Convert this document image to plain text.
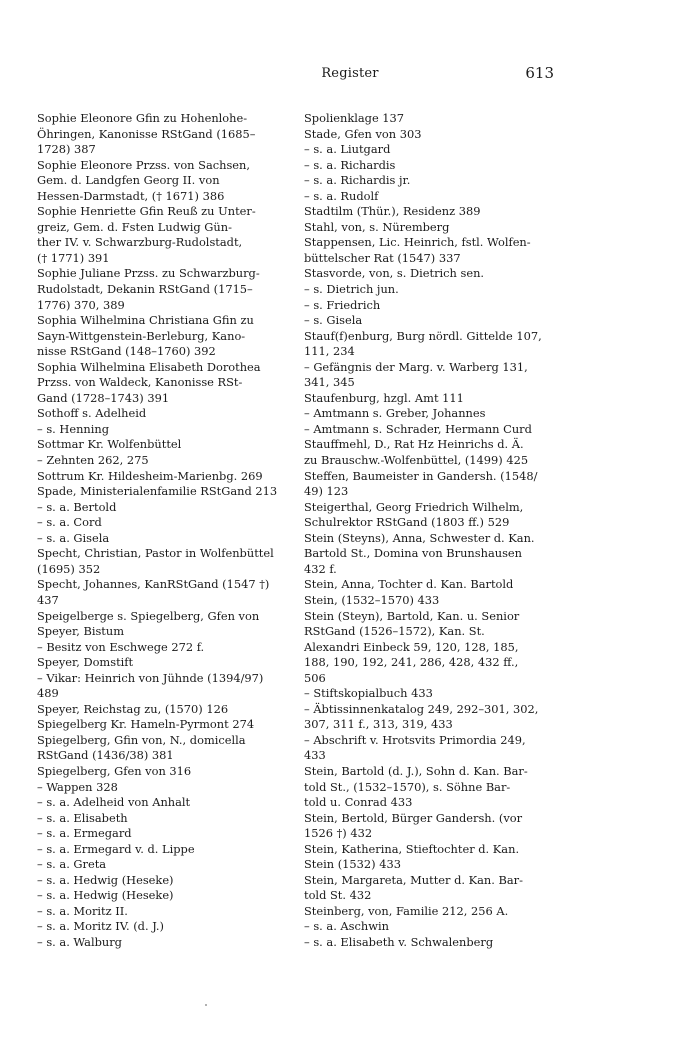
Register	613
Sophie Eleonore Gfin zu Hohenlohe-
Öhringen, Kanonisse RStGand (1685–
1728) 387
Sophie Eleonore Przss. von Sachsen,
Gem. d. Landgfen Georg II. von
Hessen-Darmstadt, († 1671) 386
Sophie Henriette Gfin Reuß zu Unter-
greiz, Gem. d. Fsten Ludwig Gün-
ther IV. v. Schwarzburg-Rudolstadt,
(† 1771) 391
Sophie Juliane Przss. zu Schwarzburg-
Rudolstadt, Dekanin RStGand (1715–
1776) 370, 389
Sophia Wilhelmina Christiana Gfin zu
Sayn-Wittgenstein-Berleburg, Kano-
nisse RStGand (148–1760) 392
Sophia Wilhelmina Elisabeth Dorothea
Przss. von Waldeck, Kanonisse RSt-
Gand (1728–1743) 391
Sothoff s. Adelheid
– s. Henning
Sottmar Kr. Wolfenbüttel
– Zehnten 262, 275
Sottrum Kr. Hildesheim-Marienbg. 269
Spade, Ministerialenfamilie RStGand 213
– s. a. Bertold
– s. a. Cord
– s. a. Gisela
Specht, Christian, Pastor in Wolfenbüttel
(1695) 352
Specht, Johannes, KanRStGand (1547 †)
437
Speigelberge s. Spiegelberg, Gfen von
Speyer, Bistum
– Besitz von Eschwege 272 f.
Speyer, Domstift
– Vikar: Heinrich von Jühnde (1394/97)
489
Speyer, Reichstag zu, (1570) 126
Spiegelberg Kr. Hameln-Pyrmont 274
Spiegelberg, Gfin von, N., domicella
RStGand (1436/38) 381
Spiegelberg, Gfen von 316
– Wappen 328
– s. a. Adelheid von Anhalt
– s. a. Elisabeth
– s. a. Ermegard
– s. a. Ermegard v. d. Lippe
– s. a. Greta
– s. a. Hedwig (Heseke)
– s. a. Hedwig (Heseke)
– s. a. Moritz II.
– s. a. Moritz IV. (d. J.)
– s. a. Walburg
Spolienklage 137
Stade, Gfen von 303
– s. a. Liutgard
– s. a. Richardis
– s. a. Richardis jr.
– s. a. Rudolf
Stadtilm (Thür.), Residenz 389
Stahl, von, s. Nüremberg
Stappensen, Lic. Heinrich, fstl. Wolfen-
büttelscher Rat (1547) 337
Stasvorde, von, s. Dietrich sen.
– s. Dietrich jun.
– s. Friedrich
– s. Gisela
Stauf(f)enburg, Burg nördl. Gittelde 107,
111, 234
– Gefängnis der Marg. v. Warberg 131,
341, 345
Staufenburg, hzgl. Amt 111
– Amtmann s. Greber, Johannes
– Amtmann s. Schrader, Hermann Curd
Stauffmehl, D., Rat Hz Heinrichs d. Ä.
zu Brauschw.-Wolfenbüttel, (1499) 425
Steffen, Baumeister in Gandersh. (1548/
49) 123
Steigerthal, Georg Friedrich Wilhelm,
Schulrektor RStGand (1803 ff.) 529
Stein (Steyns), Anna, Schwester d. Kan.
Bartold St., Domina von Brunshausen
432 f.
Stein, Anna, Tochter d. Kan. Bartold
Stein, (1532–1570) 433
Stein (Steyn), Bartold, Kan. u. Senior
RStGand (1526–1572), Kan. St.
Alexandri Einbeck 59, 120, 128, 185,
188, 190, 192, 241, 286, 428, 432 ff.,
506
– Stiftskopialbuch 433
– Äbtissinnenkatalog 249, 292–301, 302,
307, 311 f., 313, 319, 433
– Abschrift v. Hrotsvits Primordia 249,
433
Stein, Bartold (d. J.), Sohn d. Kan. Bar-
told St., (1532–1570), s. Söhne Bar-
told u. Conrad 433
Stein, Bertold, Bürger Gandersh. (vor
1526 †) 432
Stein, Katherina, Stieftochter d. Kan.
Stein (1532) 433
Stein, Margareta, Mutter d. Kan. Bar-
told St. 432
Steinberg, von, Familie 212, 256 A.
– s. a. Aschwin
– s. a. Elisabeth v. Schwalenberg
